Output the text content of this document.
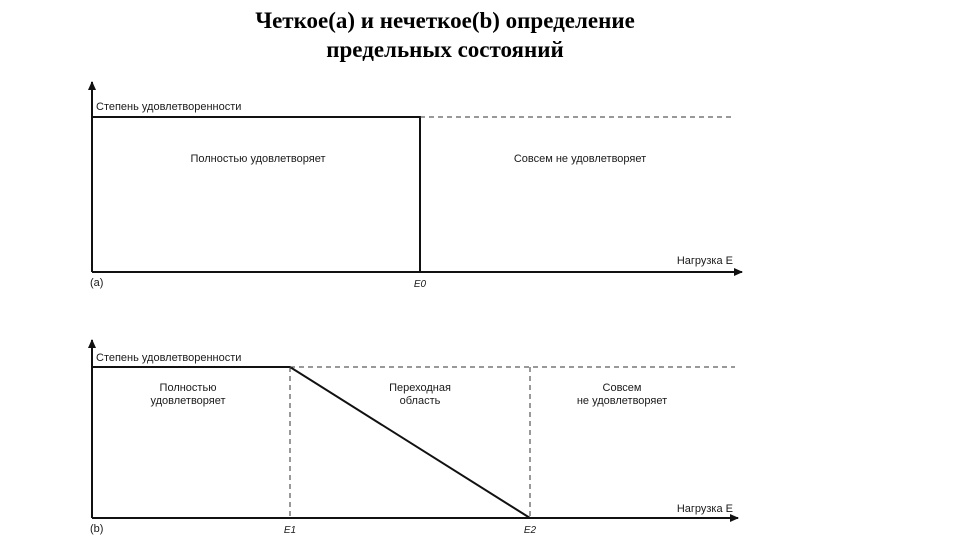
Четкое(a) и нечеткое(b) определение
предельных состояний
Степень удовлетворенности
Полностью удовлетворяет	Совсем не удовлетворяет
Нагрузка E
(a)	E0
Степень удовлетворенности
Полностью
удовлетворяет
Переходная
область
Совсем
не удовлетворяет
Нагрузка E
(b)	E1	E2
